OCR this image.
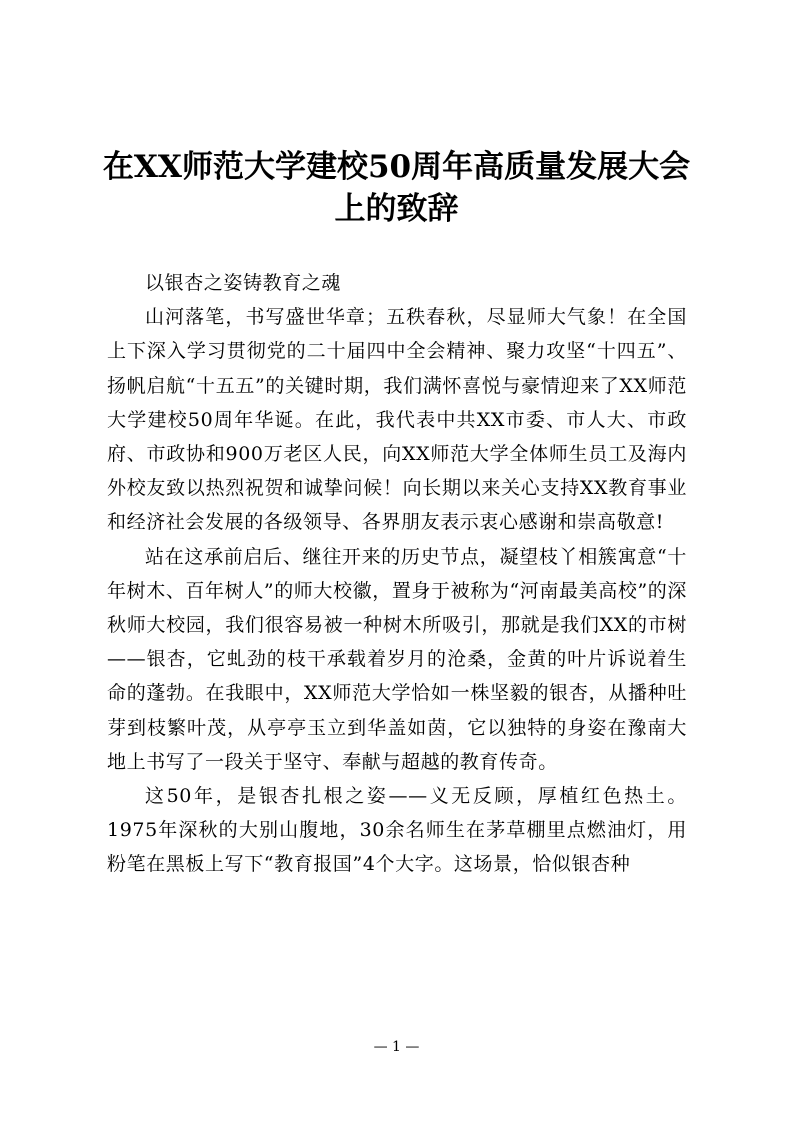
在XX师范大学建校50周年高质量发展大会上的致辞

以银杏之姿铸教育之魂

山河落笔，书写盛世华章；五秩春秋，尽显师大气象！在全国上下深入学习贯彻党的二十届四中全会精神、聚力攻坚“十四五”、扬帆启航“十五五”的关键时期，我们满怀喜悦与豪情迎来了XX师范大学建校50周年华诞。在此，我代表中共XX市委、市人大、市政府、市政协和900万老区人民，向XX师范大学全体师生员工及海内外校友致以热烈祝贺和诚挚问候！向长期以来关心支持XX教育事业和经济社会发展的各级领导、各界朋友表示衷心感谢和崇高敬意!

站在这承前启后、继往开来的历史节点，凝望枝丫相簇寓意“十年树木、百年树人”的师大校徽，置身于被称为“河南最美高校”的深秋师大校园，我们很容易被一种树木所吸引，那就是我们XX的市树——银杏，它虬劲的枝干承载着岁月的沧桑，金黄的叶片诉说着生命的蓬勃。在我眼中，XX师范大学恰如一株坚毅的银杏，从播种吐芽到枝繁叶茂，从亭亭玉立到华盖如茵，它以独特的身姿在豫南大地上书写了一段关于坚守、奉献与超越的教育传奇。

这50年，是银杏扎根之姿——义无反顾，厚植红色热土。1975年深秋的大别山腹地，30余名师生在茅草棚里点燃油灯，用粉笔在黑板上写下“教育报国”4个大字。这场景，恰似银杏种

— 1 —
